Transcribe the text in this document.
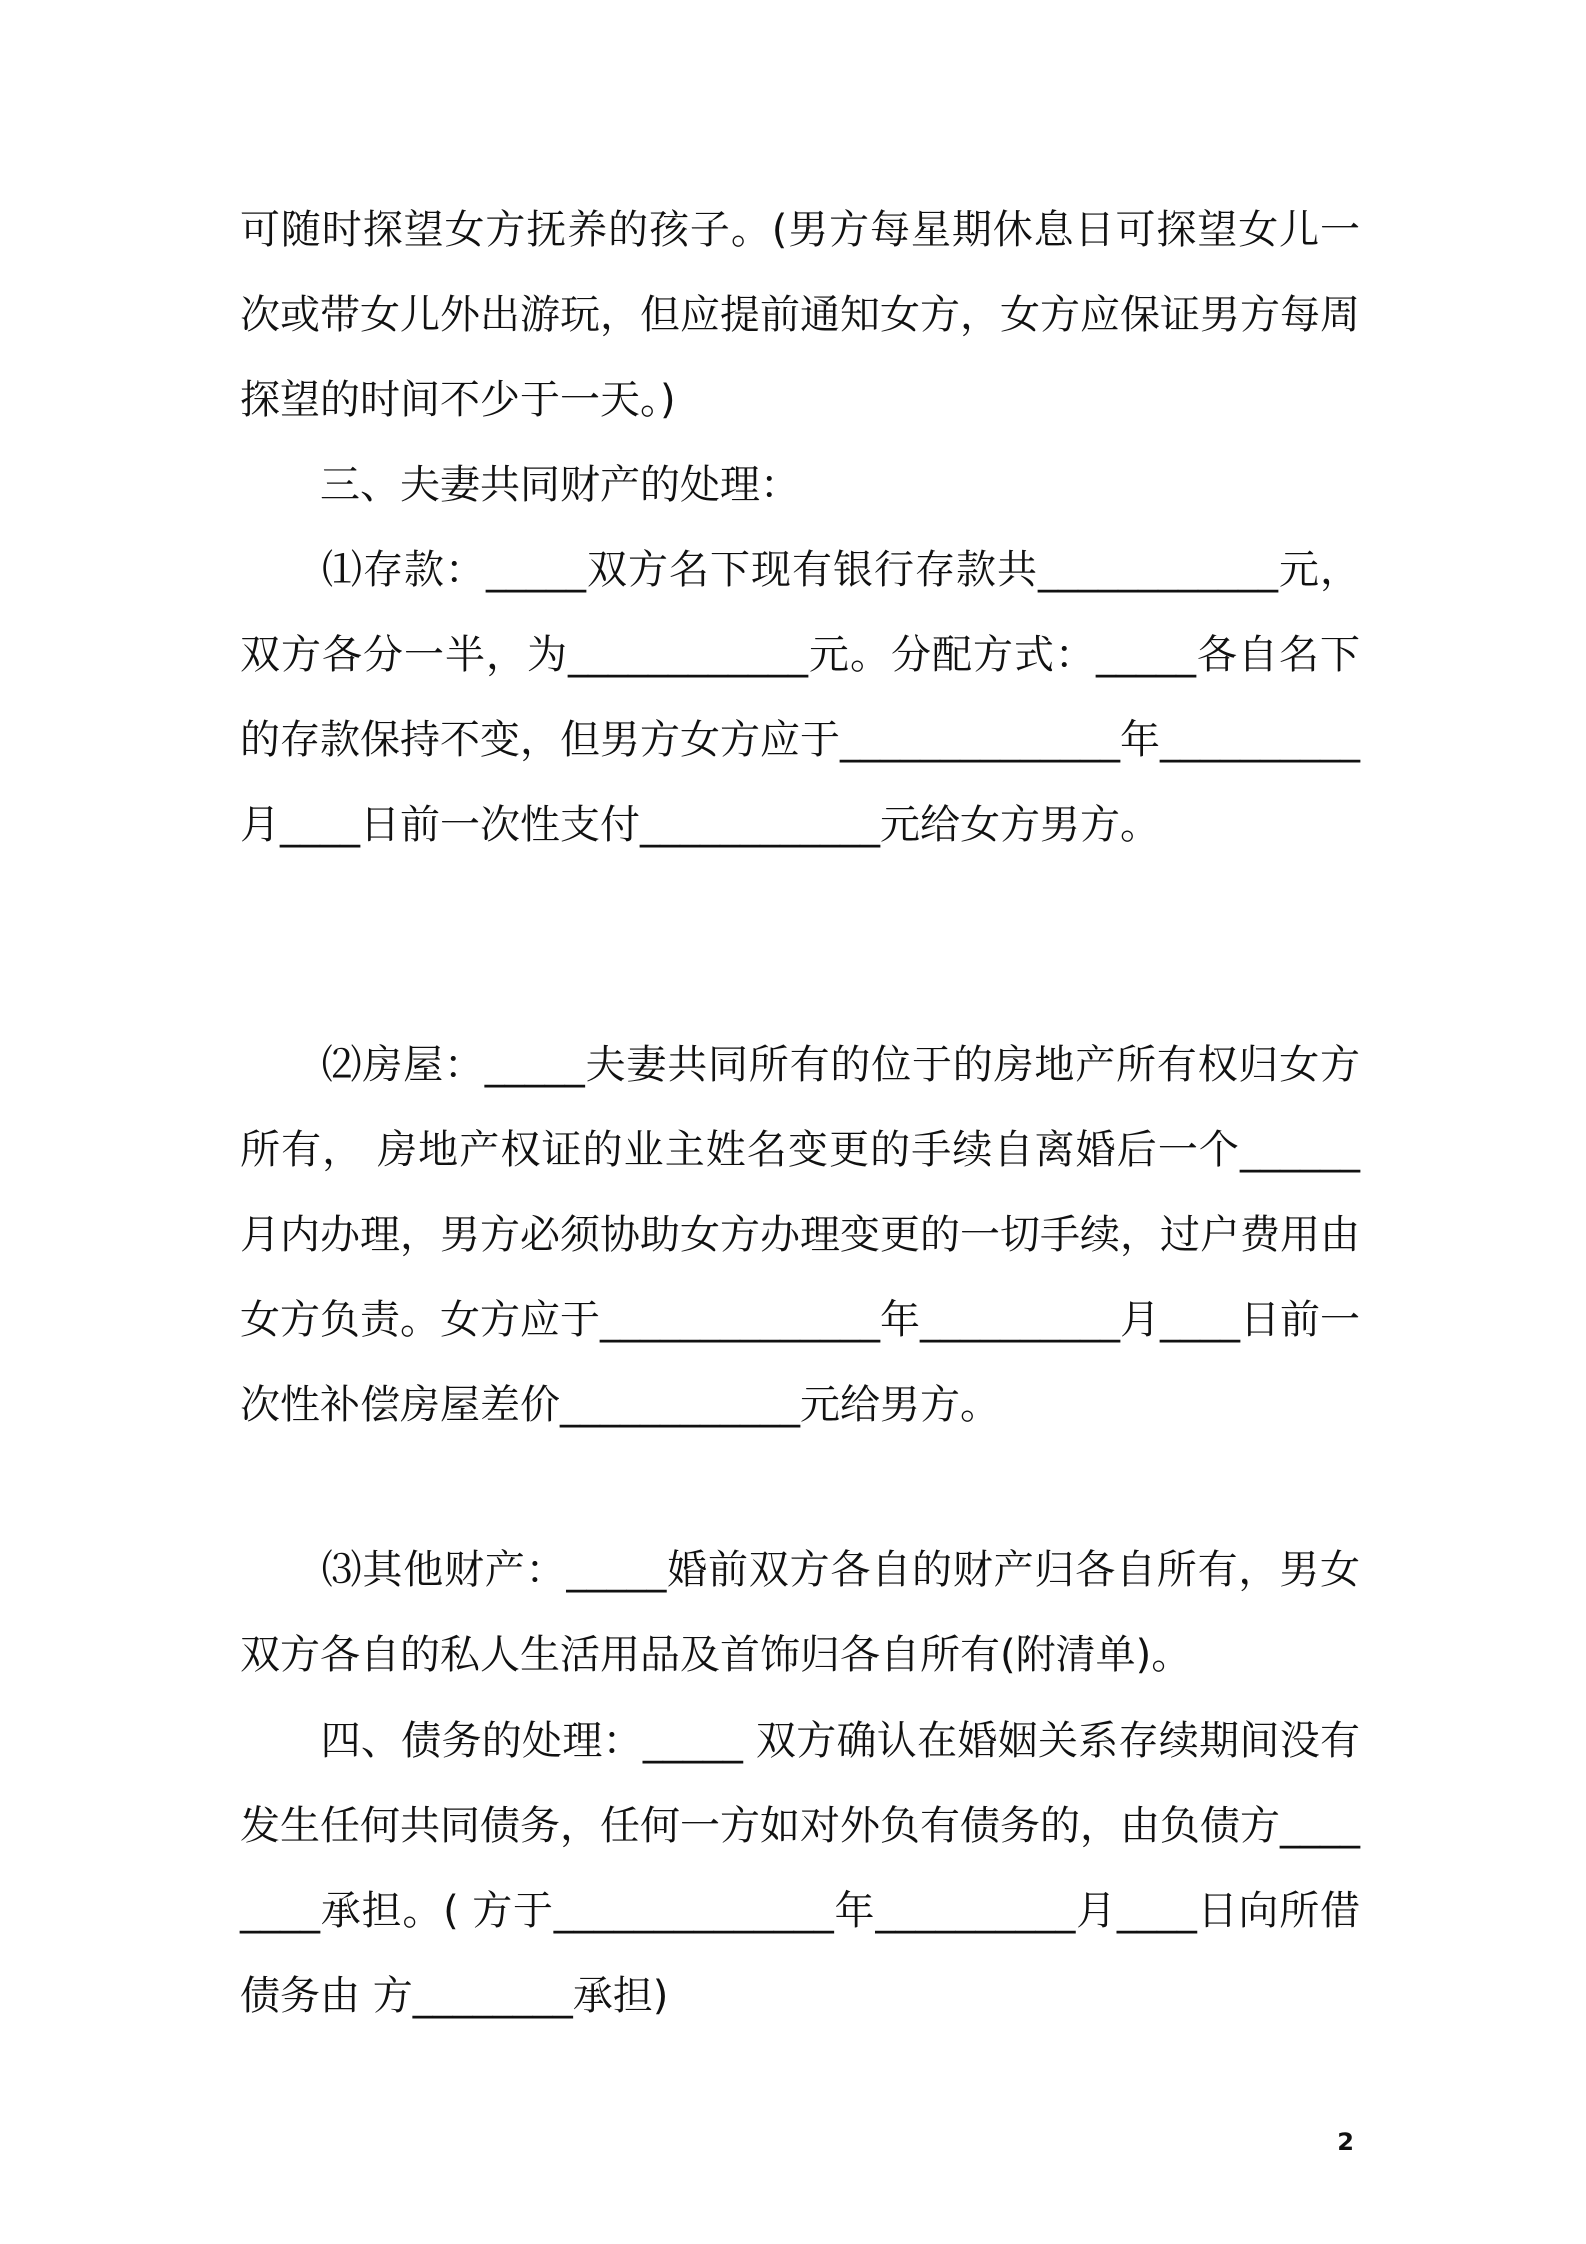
可随时探望女方抚养的孩子。(男方每星期休息日可探望女儿一次或带女儿外出游玩，但应提前通知女方，女方应保证男方每周探望的时间不少于一天。)

　　三、夫妻共同财产的处理：

　　⑴存款：_____双方名下现有银行存款共____________元，双方各分一半，为____________元。分配方式：_____各自名下的存款保持不变，但男方女方应于______________年__________月____日前一次性支付____________元给女方男方。

　　⑵房屋：_____夫妻共同所有的位于的房地产所有权归女方所有， 房地产权证的业主姓名变更的手续自离婚后一个______月内办理，男方必须协助女方办理变更的一切手续，过户费用由女方负责。女方应于______________年__________月____日前一次性补偿房屋差价____________元给男方。

　　⑶其他财产：_____婚前双方各自的财产归各自所有，男女双方各自的私人生活用品及首饰归各自所有(附清单)。

　　四、债务的处理：_____ 双方确认在婚姻关系存续期间没有发生任何共同债务，任何一方如对外负有债务的，由负债方________承担。( 方于______________年__________月____日向所借债务由 方________承担)

2
